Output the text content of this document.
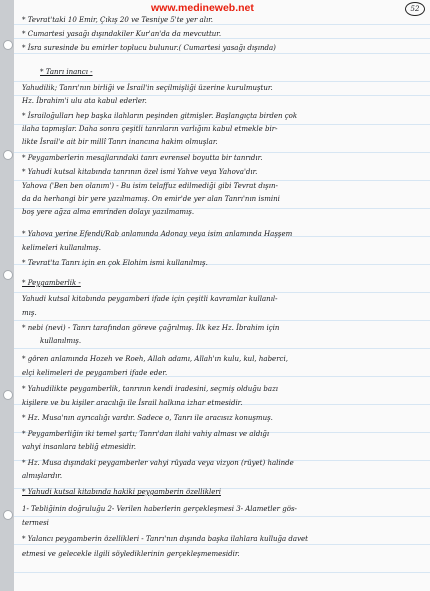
www.medineweb.net	52
* Tevrat'taki 10 Emir, Çıkış 20 ve Tesniye 5'te yer alır.
* Cumartesi yasağı dışındakiler Kur'an'da da mevcuttur.
* İsra suresinde bu emirler toplucu bulunur.( Cumartesi yasağı dışında)
* Tanrı inancı -
Yahudilik; Tanrı'nın birliği ve İsrail'in seçilmişliği üzerine kurulmuştur.
Hz. İbrahim'i ulu ata kabul ederler.
* İsrailoğulları hep başka ilahların peşinden gitmişler. Başlangıçta birden çok
ilaha tapmışlar. Daha sonra çeşitli tanrıların varlığını kabul etmekle bir-
likte İsrail'e ait bir millî Tanrı inancına hakim olmuşlar.
* Peygamberlerin mesajlarındaki tanrı evrensel boyutta bir tanrıdır.
* Yahudi kutsal kitabında tanrının özel ismi Yahve veya Yahova'dır.
Yahova ('Ben ben olanım') - Bu isim telaffuz edilmediği gibi Tevrat dışın-
da da herhangi bir yere yazılmamış. On emir'de yer alan Tanrı'nın ismini
boş yere ağza alma emrinden dolayı yazılmamış.
* Yahova yerine Efendi/Rab anlamında Adonay veya isim anlamında Haşşem
kelimeleri kullanılmış.
* Tevrat'ta Tanrı için en çok Elohim ismi kullanılmış.
* Peygamberlik -
Yahudi kutsal kitabında peygamberi ifade için çeşitli kavramlar kullanıl-
mış.
* nebi (nevi) - Tanrı tarafından göreve çağrılmış. İlk kez Hz. İbrahim için
kullanılmış.
* gören anlamında Hozeh ve Roeh, Allah adamı, Allah'ın kulu, kul, haberci,
elçi kelimeleri de peygamberi ifade eder.
* Yahudilikte peygamberlik, tanrının kendi iradesini, seçmiş olduğu bazı
kişilere ve bu kişiler aracılığı ile İsrail halkına izhar etmesidir.
* Hz. Musa'nın ayrıcalığı vardır. Sadece o, Tanrı ile aracısız konuşmuş.
* Peygamberliğin iki temel şartı; Tanrı'dan ilahi vahiy alması ve aldığı
vahyi insanlara tebliğ etmesidir.
* Hz. Musa dışındaki peygamberler vahyi rüyada veya vizyon (rüyet) halinde
almışlardır.
* Yahudi kutsal kitabında hakiki peygamberin özellikleri
1- Tebliğinin doğruluğu 2- Verilen haberlerin gerçekleşmesi 3- Alametler gös-
termesi
* Yalancı peygamberin özellikleri - Tanrı'nın dışında başka ilahlara kulluğa davet
etmesi ve gelecekle ilgili söylediklerinin gerçekleşmemesidir.
